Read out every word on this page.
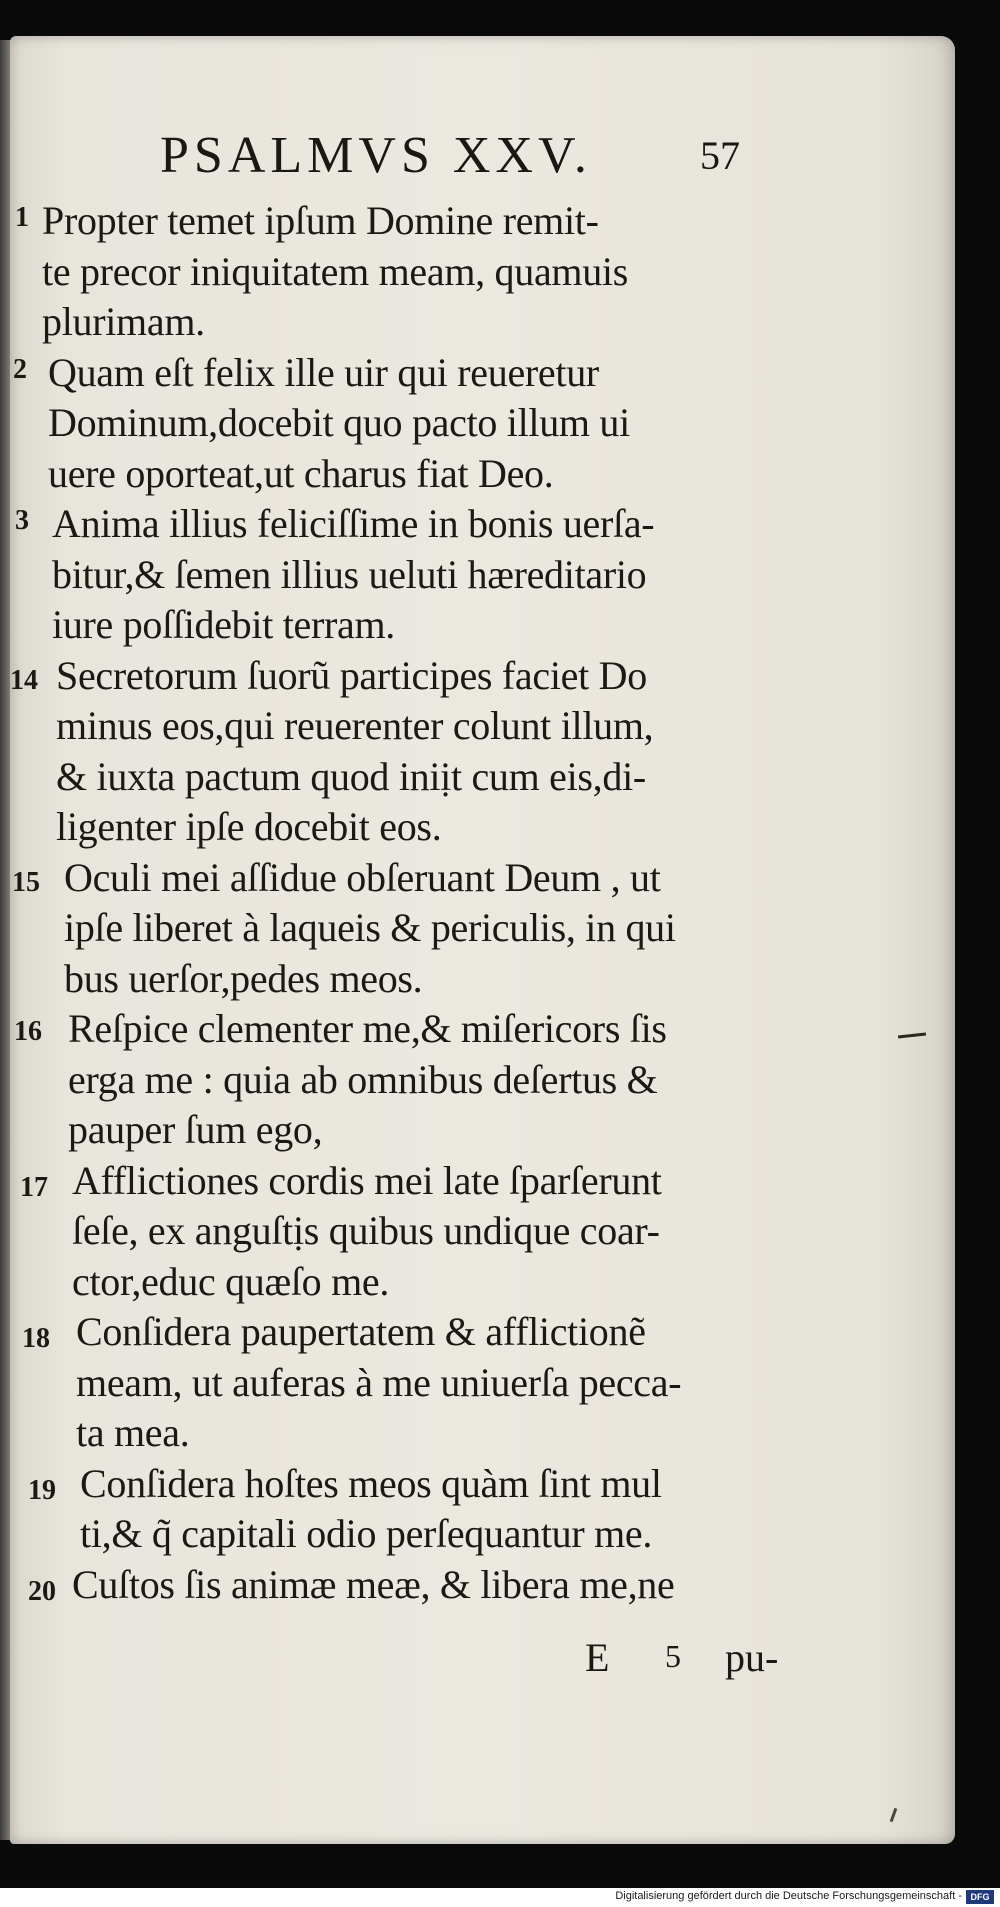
PSALMVS XXV.	57
1 Propter temet ipſum Domine remit-
te precor iniquitatem meam, quamuis
plurimam.
2 Quam eſt felix ille uir qui reueretur
Dominum,docebit quo pacto illum ui
uere oporteat,ut charus fiat Deo.
3 Anima illius feliciſſime in bonis uerſa-
bitur,& ſemen illius ueluti hæreditario
iure poſſidebit terram.
14 Secretorum ſuorũ participes faciet Do
minus eos,qui reuerenter colunt illum,
& iuxta pactum quod iniịt cum eis,di-
ligenter ipſe docebit eos.
15 Oculi mei aſſidue obſeruant Deum , ut
ipſe liberet à laqueis & periculis, in qui
bus uerſor,pedes meos.
16 Reſpice clementer me,& miſericors ſis
erga me : quia ab omnibus deſertus &
pauper ſum ego,
17 Afflictiones cordis mei late ſparſerunt
ſeſe, ex anguſtịs quibus undique coar-
ctor,educ quæſo me.
18 Conſidera paupertatem & afflictionẽ
meam, ut auferas à me uniuerſa pecca-
ta mea.
19 Conſidera hoſtes meos quàm ſint mul
ti,& q̃ capitali odio perſequantur me.
20 Cuſtos ſis animæ meæ, & libera me,ne
E 5 pu-
Digitalisierung gefördert durch die Deutsche Forschungsgemeinschaft - DFG
